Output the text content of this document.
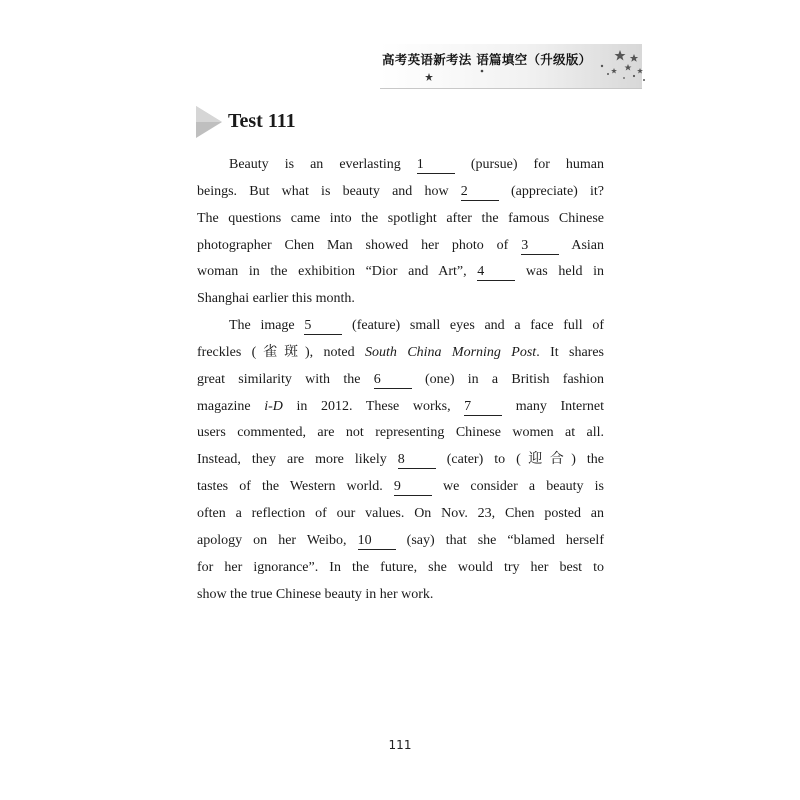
高考英语新考法 语篇填空（升级版）
Test 111
Beauty is an everlasting 1	(pursue) for human
beings. But what is beauty and how 2	(appreciate) it?
The questions came into the spotlight after the famous Chinese
photographer Chen Man showed her photo of 3	Asian
woman in the exhibition “Dior and Art”, 4	was held in
Shanghai earlier this month.
The image 5	(feature) small eyes and a face full of
freckles (雀斑), noted South China Morning Post. It shares
great similarity with the 6	(one) in a British fashion
magazine i-D in 2012. These works, 7	many Internet
users commented, are not representing Chinese women at all.
Instead, they are more likely 8	(cater) to (迎合) the
tastes of the Western world. 9	we consider a beauty is
often a reflection of our values. On Nov. 23, Chen posted an
apology on her Weibo, 10	(say) that she “blamed herself
for her ignorance”. In the future, she would try her best to
show the true Chinese beauty in her work.
111
